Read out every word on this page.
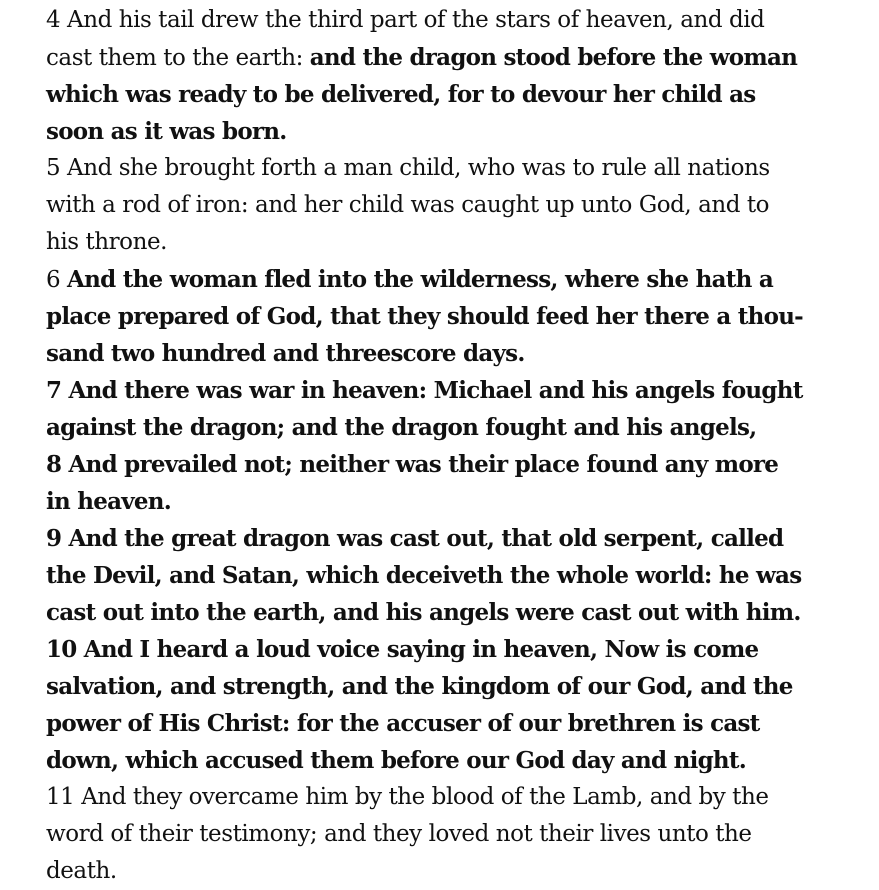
4 And his tail drew the third part of the stars of heaven, and did
cast them to the earth: and the dragon stood before the woman
which was ready to be delivered, for to devour her child as
soon as it was born.
5 And she brought forth a man child, who was to rule all nations
with a rod of iron: and her child was caught up unto God, and to
his throne.
6 And the woman fled into the wilderness, where she hath a
place prepared of God, that they should feed her there a thou-
sand two hundred and threescore days.
7 And there was war in heaven: Michael and his angels fought
against the dragon; and the dragon fought and his angels,
8 And prevailed not; neither was their place found any more
in heaven.
9 And the great dragon was cast out, that old serpent, called
the Devil, and Satan, which deceiveth the whole world: he was
cast out into the earth, and his angels were cast out with him.
10 And I heard a loud voice saying in heaven, Now is come
salvation, and strength, and the kingdom of our God, and the
power of His Christ: for the accuser of our brethren is cast
down, which accused them before our God day and night.
11 And they overcame him by the blood of the Lamb, and by the
word of their testimony; and they loved not their lives unto the
death.
